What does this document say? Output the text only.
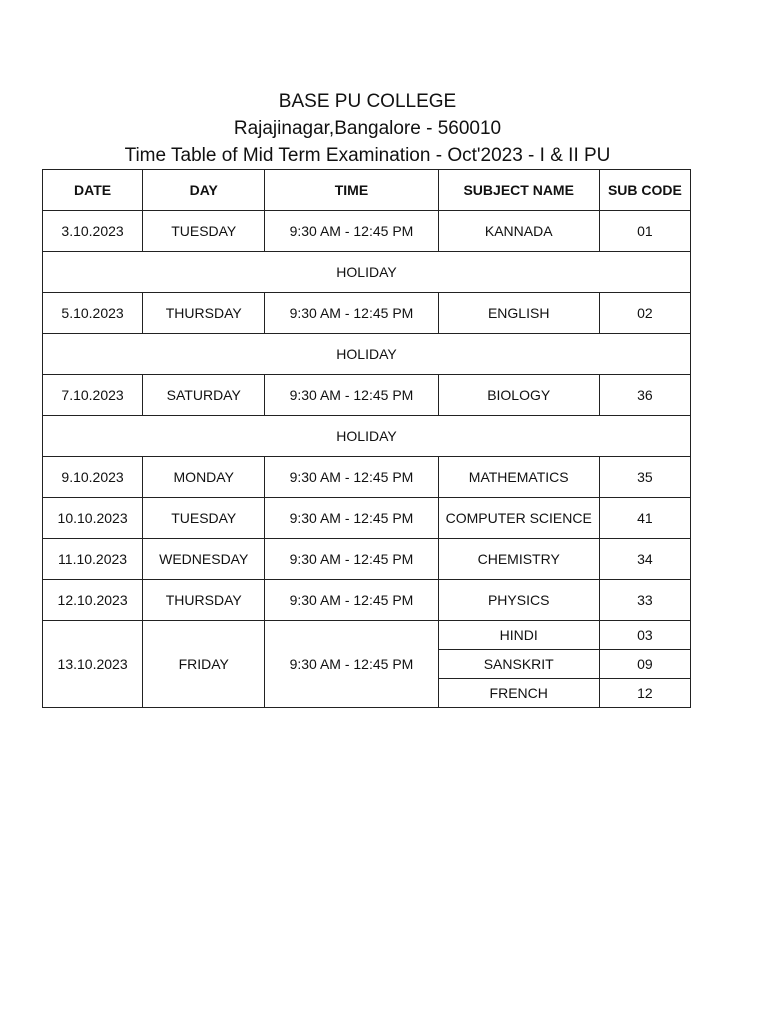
BASE PU COLLEGE
Rajajinagar,Bangalore - 560010
Time Table of Mid Term Examination - Oct'2023 - I & II PU
DATE	DAY	TIME	SUBJECT NAME	SUB CODE
3.10.2023	TUESDAY	9:30 AM - 12:45 PM	KANNADA	01
HOLIDAY				
5.10.2023	THURSDAY	9:30 AM - 12:45 PM	ENGLISH	02
HOLIDAY				
7.10.2023	SATURDAY	9:30 AM - 12:45 PM	BIOLOGY	36
HOLIDAY				
9.10.2023	MONDAY	9:30 AM - 12:45 PM	MATHEMATICS	35
10.10.2023	TUESDAY	9:30 AM - 12:45 PM	COMPUTER SCIENCE	41
11.10.2023	WEDNESDAY	9:30 AM - 12:45 PM	CHEMISTRY	34
12.10.2023	THURSDAY	9:30 AM - 12:45 PM	PHYSICS	33
13.10.2023	FRIDAY	9:30 AM - 12:45 PM	HINDI	03
			SANSKRIT	09
			FRENCH	12
